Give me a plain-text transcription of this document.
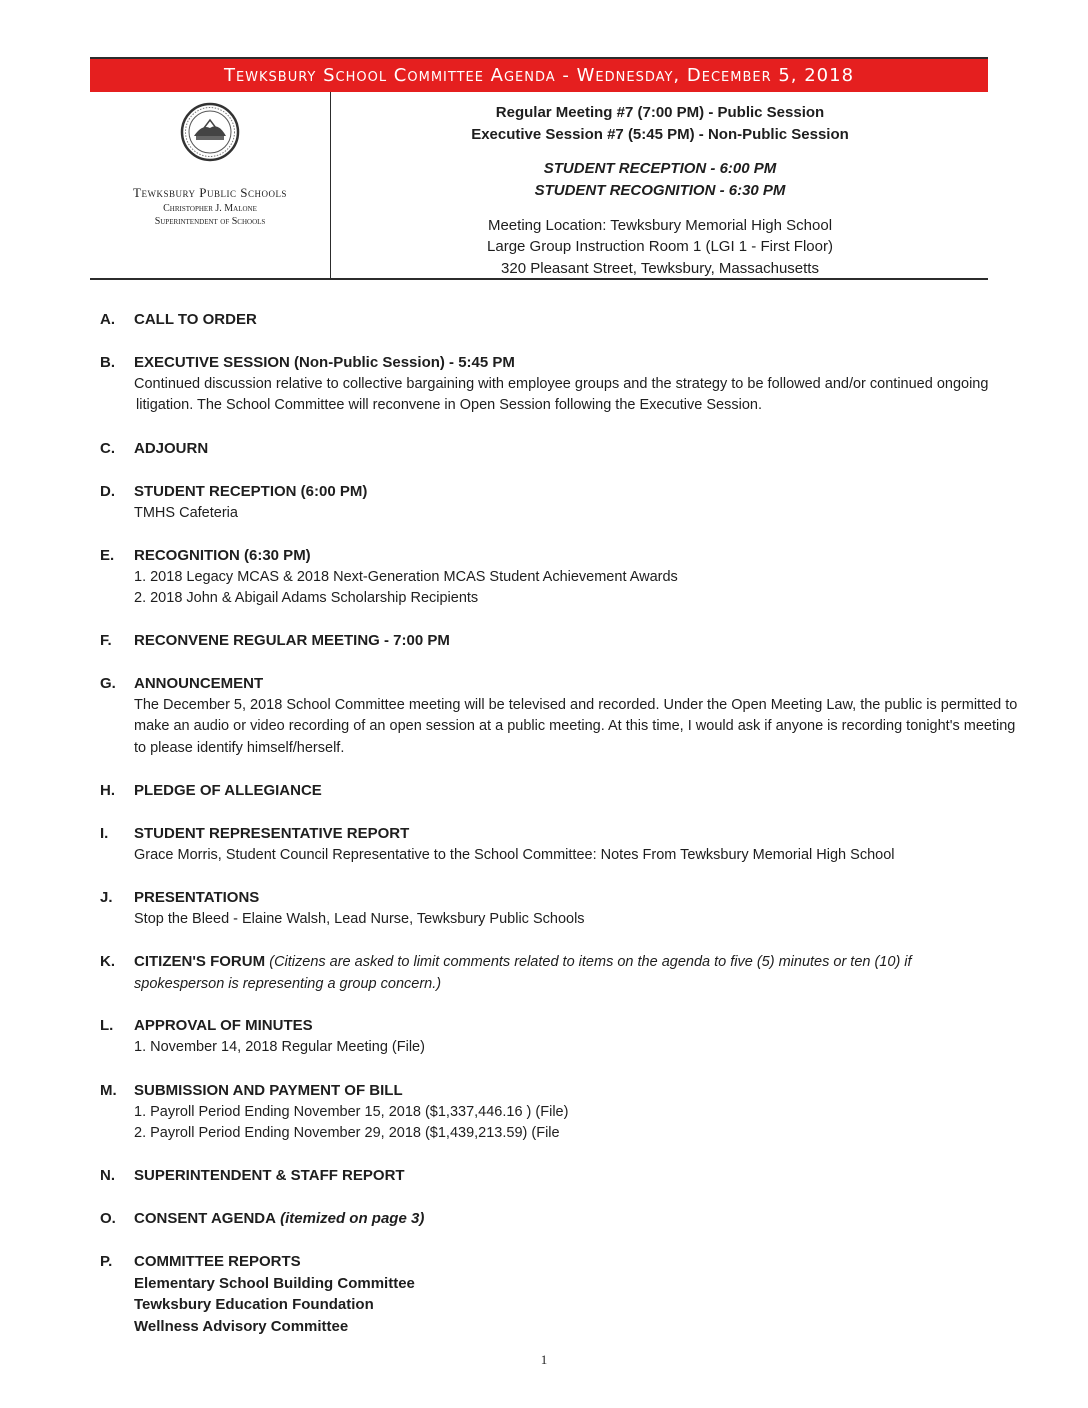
Tewksbury School Committee Agenda - Wednesday, December 5, 2018
Tewksbury Public Schools
Christopher J. Malone
Superintendent of Schools
Regular Meeting #7 (7:00 PM) - Public Session
Executive Session #7 (5:45 PM) - Non-Public Session
STUDENT RECEPTION - 6:00 PM
STUDENT RECOGNITION - 6:30 PM
Meeting Location: Tewksbury Memorial High School
Large Group Instruction Room 1 (LGI 1 - First Floor)
320 Pleasant Street, Tewksbury, Massachusetts
A.	CALL TO ORDER
B.	EXECUTIVE SESSION (Non-Public Session) - 5:45 PM
Continued discussion relative to collective bargaining with employee groups and the strategy to be followed and/or continued ongoing
litigation. The School Committee will reconvene in Open Session following the Executive Session.
C.	ADJOURN
D.	STUDENT RECEPTION (6:00 PM)
TMHS Cafeteria
E.	RECOGNITION (6:30 PM)
1. 2018 Legacy MCAS & 2018 Next-Generation MCAS Student Achievement Awards
2. 2018 John & Abigail Adams Scholarship Recipients
F.	RECONVENE REGULAR MEETING - 7:00 PM
G.	ANNOUNCEMENT
The December 5, 2018 School Committee meeting will be televised and recorded. Under the Open Meeting Law, the public is permitted to
make an audio or video recording of an open session at a public meeting. At this time, I would ask if anyone is recording tonight's meeting
to please identify himself/herself.
H.	PLEDGE OF ALLEGIANCE
I.	STUDENT REPRESENTATIVE REPORT
Grace Morris, Student Council Representative to the School Committee: Notes From Tewksbury Memorial High School
J.	PRESENTATIONS
Stop the Bleed - Elaine Walsh, Lead Nurse, Tewksbury Public Schools
K.	CITIZEN'S FORUM (Citizens are asked to limit comments related to items on the agenda to five (5) minutes or ten (10) if
spokesperson is representing a group concern.)
L.	APPROVAL OF MINUTES
1. November 14, 2018 Regular Meeting (File)
M.	SUBMISSION AND PAYMENT OF BILL
1. Payroll Period Ending November 15, 2018 ($1,337,446.16 ) (File)
2. Payroll Period Ending November 29, 2018 ($1,439,213.59) (File
N.	SUPERINTENDENT & STAFF REPORT
O.	CONSENT AGENDA (itemized on page 3)
P.	COMMITTEE REPORTS
Elementary School Building Committee
Tewksbury Education Foundation
Wellness Advisory Committee
1
